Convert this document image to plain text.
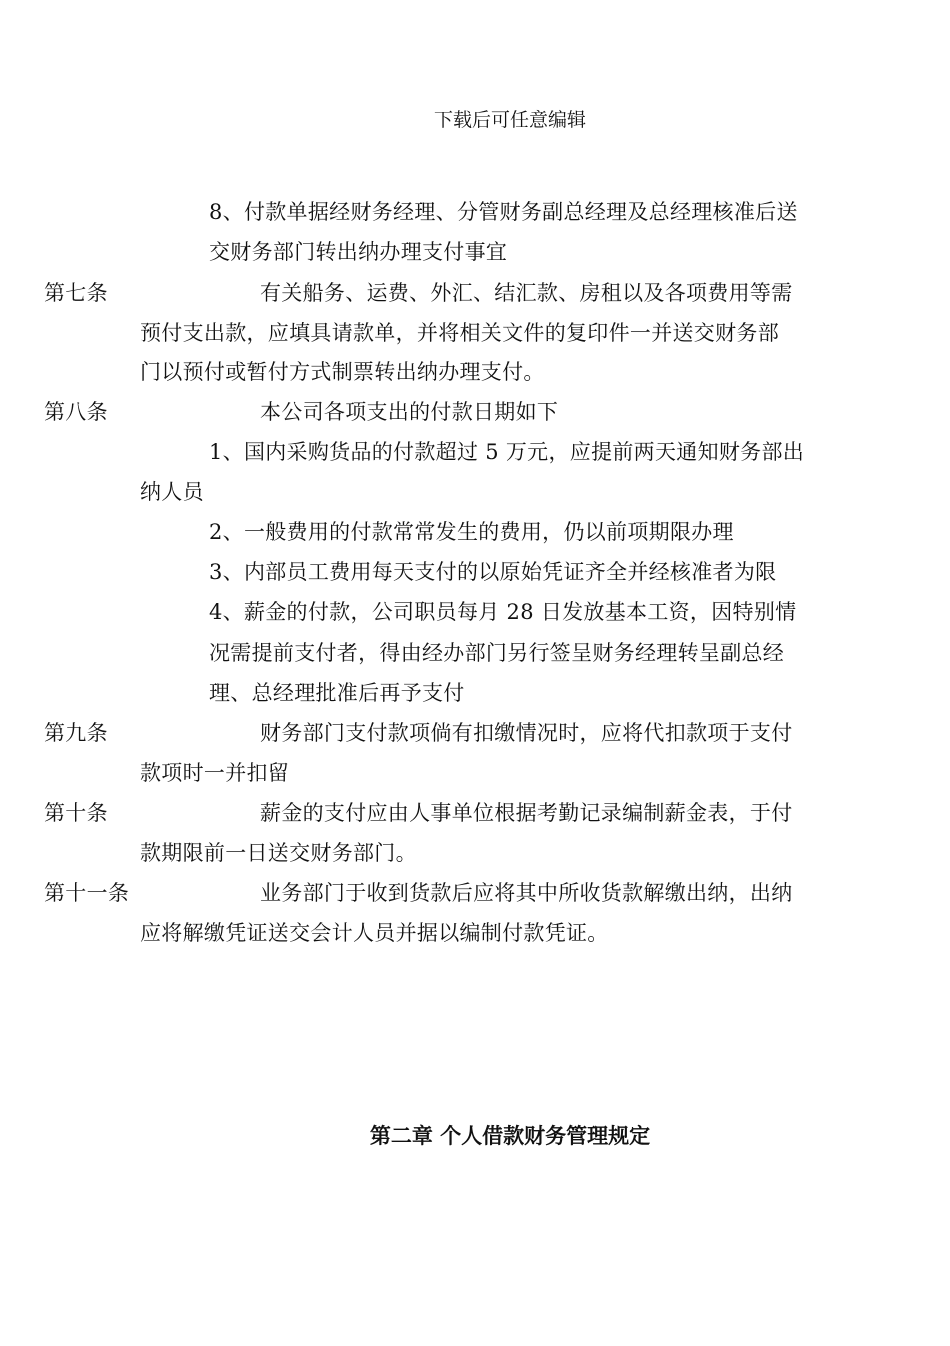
下载后可任意编辑
8、付款单据经财务经理、分管财务副总经理及总经理核准后送
交财务部门转出纳办理支付事宜
第七条	有关船务、运费、外汇、结汇款、房租以及各项费用等需
预付支出款，应填具请款单，并将相关文件的复印件一并送交财务部
门以预付或暂付方式制票转出纳办理支付。
第八条	本公司各项支出的付款日期如下
1、国内采购货品的付款超过 5 万元，应提前两天通知财务部出
纳人员
2、一般费用的付款常常发生的费用，仍以前项期限办理
3、内部员工费用每天支付的以原始凭证齐全并经核准者为限
4、薪金的付款，公司职员每月 28 日发放基本工资，因特别情
况需提前支付者，得由经办部门另行签呈财务经理转呈副总经
理、总经理批准后再予支付
第九条	财务部门支付款项倘有扣缴情况时，应将代扣款项于支付
款项时一并扣留
第十条	薪金的支付应由人事单位根据考勤记录编制薪金表，于付
款期限前一日送交财务部门。
第十一条	业务部门于收到货款后应将其中所收货款解缴出纳，出纳
应将解缴凭证送交会计人员并据以编制付款凭证。
第二章 个人借款财务管理规定
